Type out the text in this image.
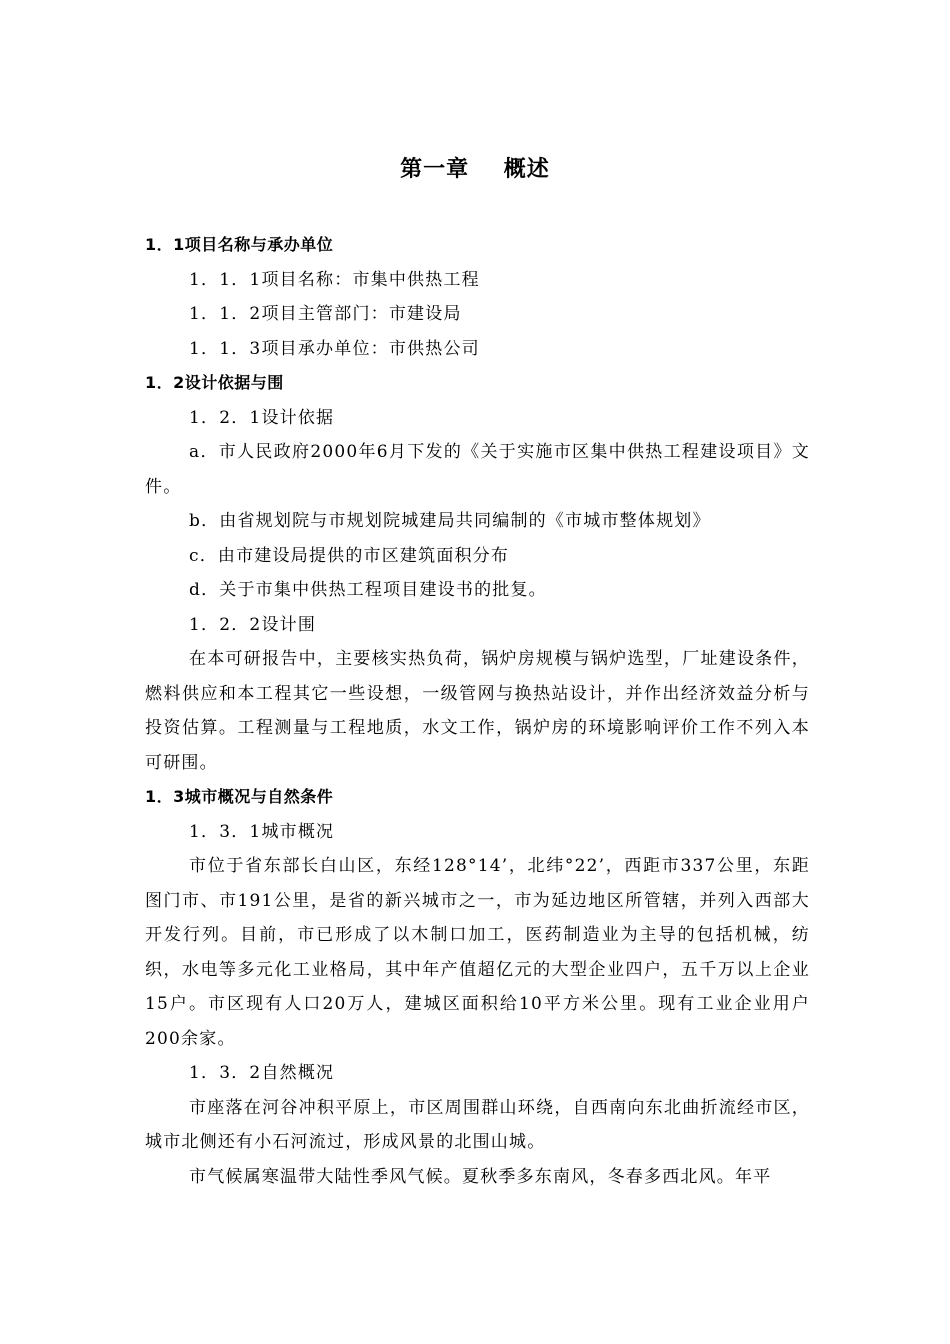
第一章    概述

1．1项目名称与承办单位

1．1．1项目名称：市集中供热工程

1．1．2项目主管部门：市建设局

1．1．3项目承办单位：市供热公司

1．2设计依据与围

1．2．1设计依据

a．市人民政府2000年6月下发的《关于实施市区集中供热工程建设项目》文件。

b．由省规划院与市规划院城建局共同编制的《市城市整体规划》

c．由市建设局提供的市区建筑面积分布

d．关于市集中供热工程项目建设书的批复。

1．2．2设计围

在本可研报告中，主要核实热负荷，锅炉房规模与锅炉选型，厂址建设条件，燃料供应和本工程其它一些设想，一级管网与换热站设计，并作出经济效益分析与投资估算。工程测量与工程地质，水文工作，锅炉房的环境影响评价工作不列入本可研围。

1．3城市概况与自然条件

1．3．1城市概况

市位于省东部长白山区，东经128°14’，北纬°22’，西距市337公里，东距图门市、市191公里，是省的新兴城市之一，市为延边地区所管辖，并列入西部大开发行列。目前，市已形成了以木制口加工，医药制造业为主导的包括机械，纺织，水电等多元化工业格局，其中年产值超亿元的大型企业四户，五千万以上企业15户。市区现有人口20万人，建城区面积给10平方米公里。现有工业企业用户200余家。

1．3．2自然概况

市座落在河谷冲积平原上，市区周围群山环绕，自西南向东北曲折流经市区，城市北侧还有小石河流过，形成风景的北围山城。

市气候属寒温带大陆性季风气候。夏秋季多东南风，冬春多西北风。年平
